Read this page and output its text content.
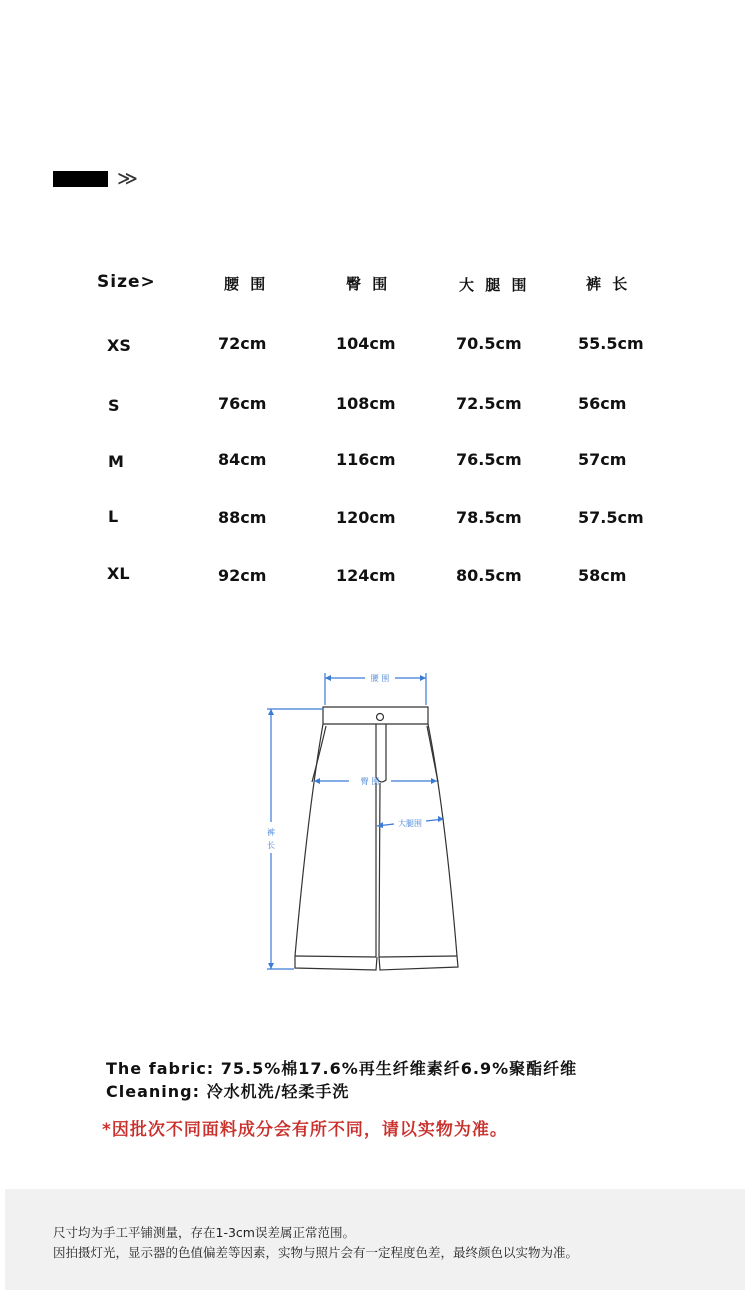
≫
Size>	腰 围	臀 围	大 腿 围	裤 长
XS	72cm	104cm	70.5cm	55.5cm
S	76cm	108cm	72.5cm	56cm
M	84cm	116cm	76.5cm	57cm
L	88cm	120cm	78.5cm	57.5cm
XL	92cm	124cm	80.5cm	58cm
腰 围
臀 围
大腿围
裤
长
The fabric: 75.5%棉17.6%再生纤维素纤6.9%聚酯纤维
Cleaning: 冷水机洗/轻柔手洗
*因批次不同面料成分会有所不同，请以实物为准。
尺寸均为手工平铺测量，存在1-3cm误差属正常范围。
因拍摄灯光，显示器的色值偏差等因素，实物与照片会有一定程度色差，最终颜色以实物为准。
